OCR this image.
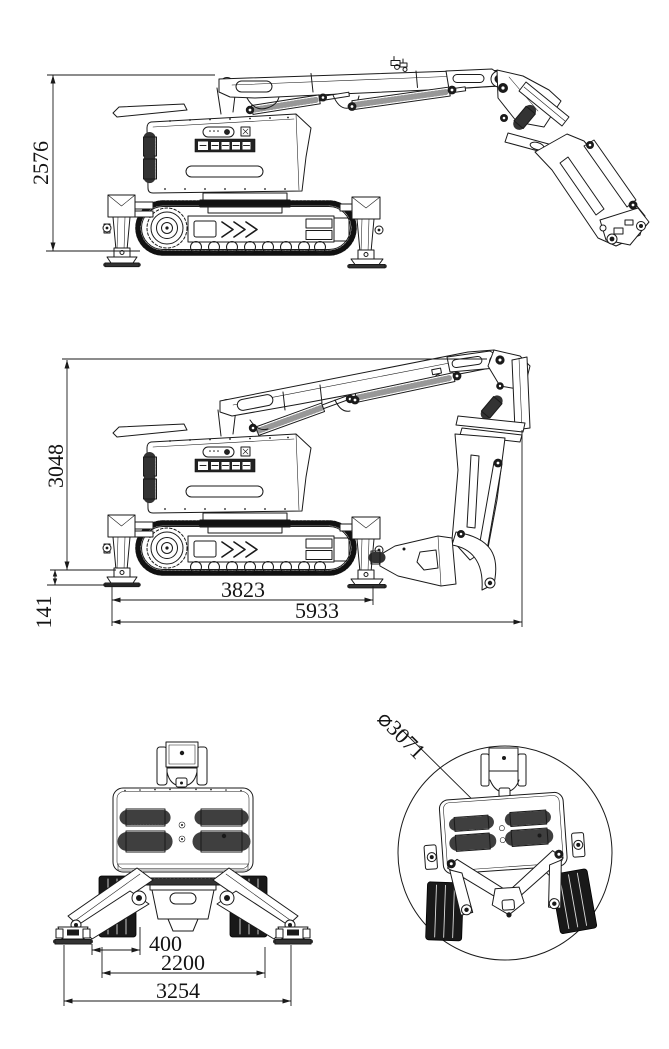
2576
3048
141
3823
5933
400
2200
3254
⌀3071
